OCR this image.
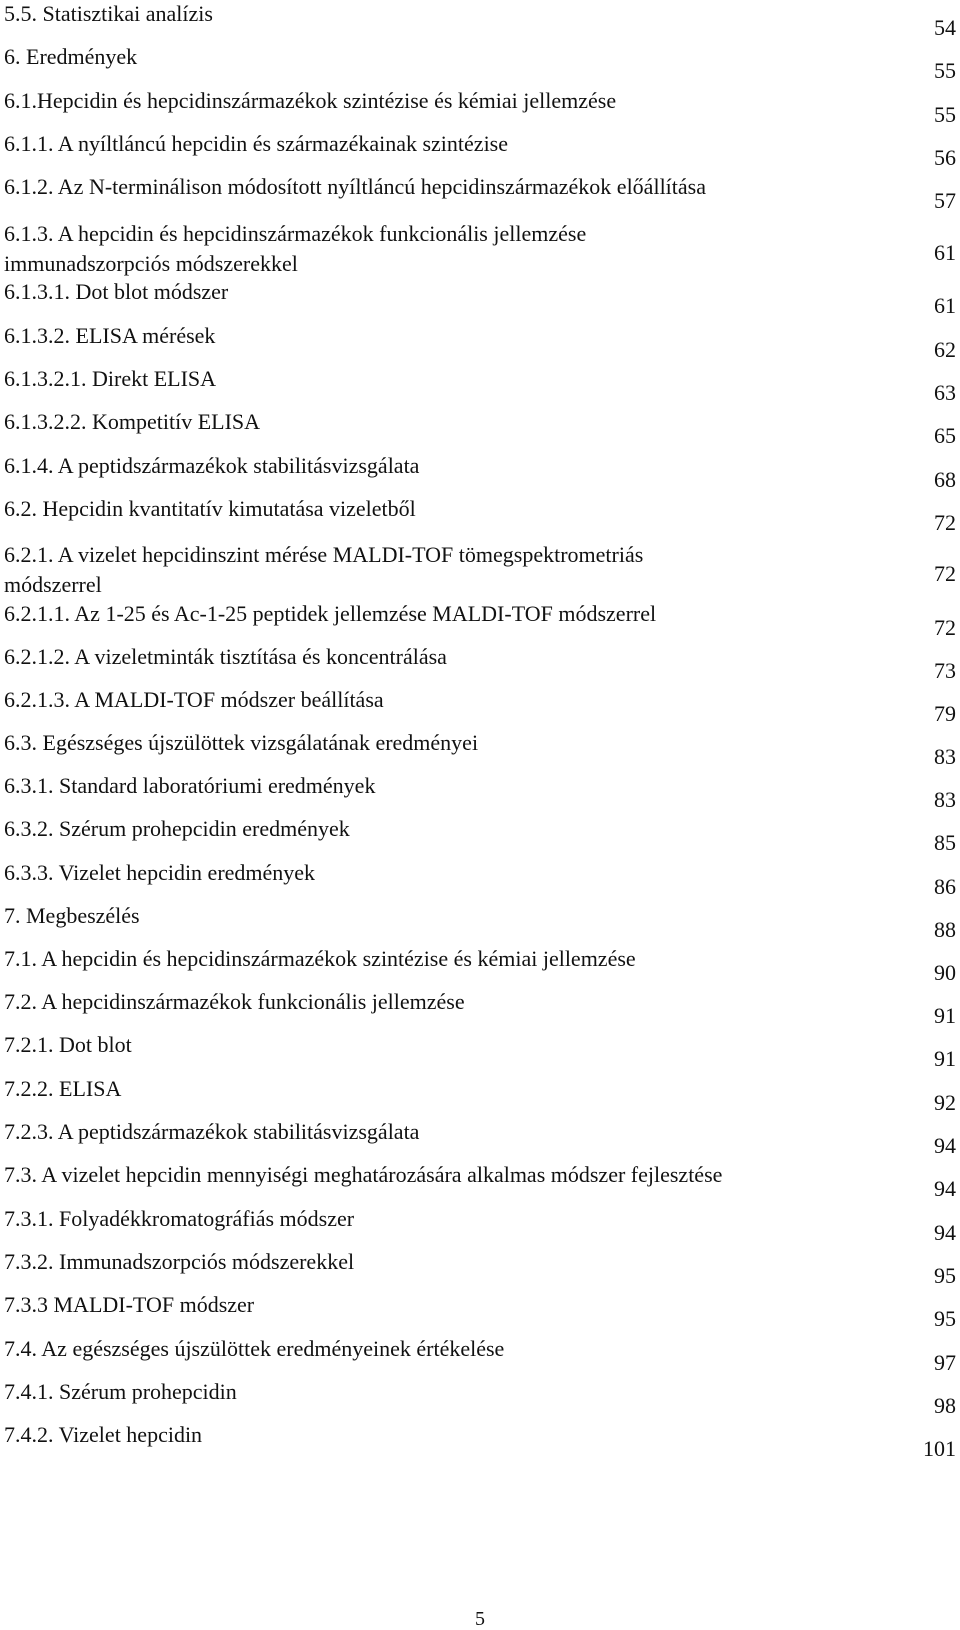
5.5. Statisztikai analízis
54
6. Eredmények
55
6.1.Hepcidin és hepcidinszármazékok szintézise és kémiai jellemzése
55
6.1.1. A nyíltláncú hepcidin és származékainak szintézise
56
6.1.2. Az N-terminálison módosított nyíltláncú hepcidinszármazékok előállítása
57
6.1.3. A hepcidin és hepcidinszármazékok funkcionális jellemzése immunadszorpciós módszerekkel	61
6.1.3.1. Dot blot módszer
61
6.1.3.2. ELISA mérések
62
6.1.3.2.1. Direkt ELISA
63
6.1.3.2.2. Kompetitív ELISA
65
6.1.4. A peptidszármazékok stabilitásvizsgálata
68
6.2. Hepcidin kvantitatív kimutatása vizeletből
72
6.2.1. A vizelet hepcidinszint mérése MALDI-TOF tömegspektrometriás módszerrel	72
6.2.1.1. Az 1-25 és Ac-1-25 peptidek jellemzése MALDI-TOF módszerrel
72
6.2.1.2. A vizeletminták tisztítása és koncentrálása
73
6.2.1.3. A MALDI-TOF módszer beállítása
79
6.3. Egészséges újszülöttek vizsgálatának eredményei
83
6.3.1. Standard laboratóriumi eredmények
83
6.3.2. Szérum prohepcidin eredmények
85
6.3.3. Vizelet hepcidin eredmények
86
7. Megbeszélés
88
7.1. A hepcidin és hepcidinszármazékok szintézise és kémiai jellemzése
90
7.2. A hepcidinszármazékok funkcionális jellemzése
91
7.2.1. Dot blot
91
7.2.2. ELISA
92
7.2.3. A peptidszármazékok stabilitásvizsgálata
94
7.3. A vizelet hepcidin mennyiségi meghatározására alkalmas módszer fejlesztése
94
7.3.1. Folyadékkromatográfiás módszer
94
7.3.2. Immunadszorpciós módszerekkel
95
7.3.3 MALDI-TOF módszer
95
7.4. Az egészséges újszülöttek eredményeinek értékelése
97
7.4.1. Szérum prohepcidin
98
7.4.2. Vizelet hepcidin
101
5
